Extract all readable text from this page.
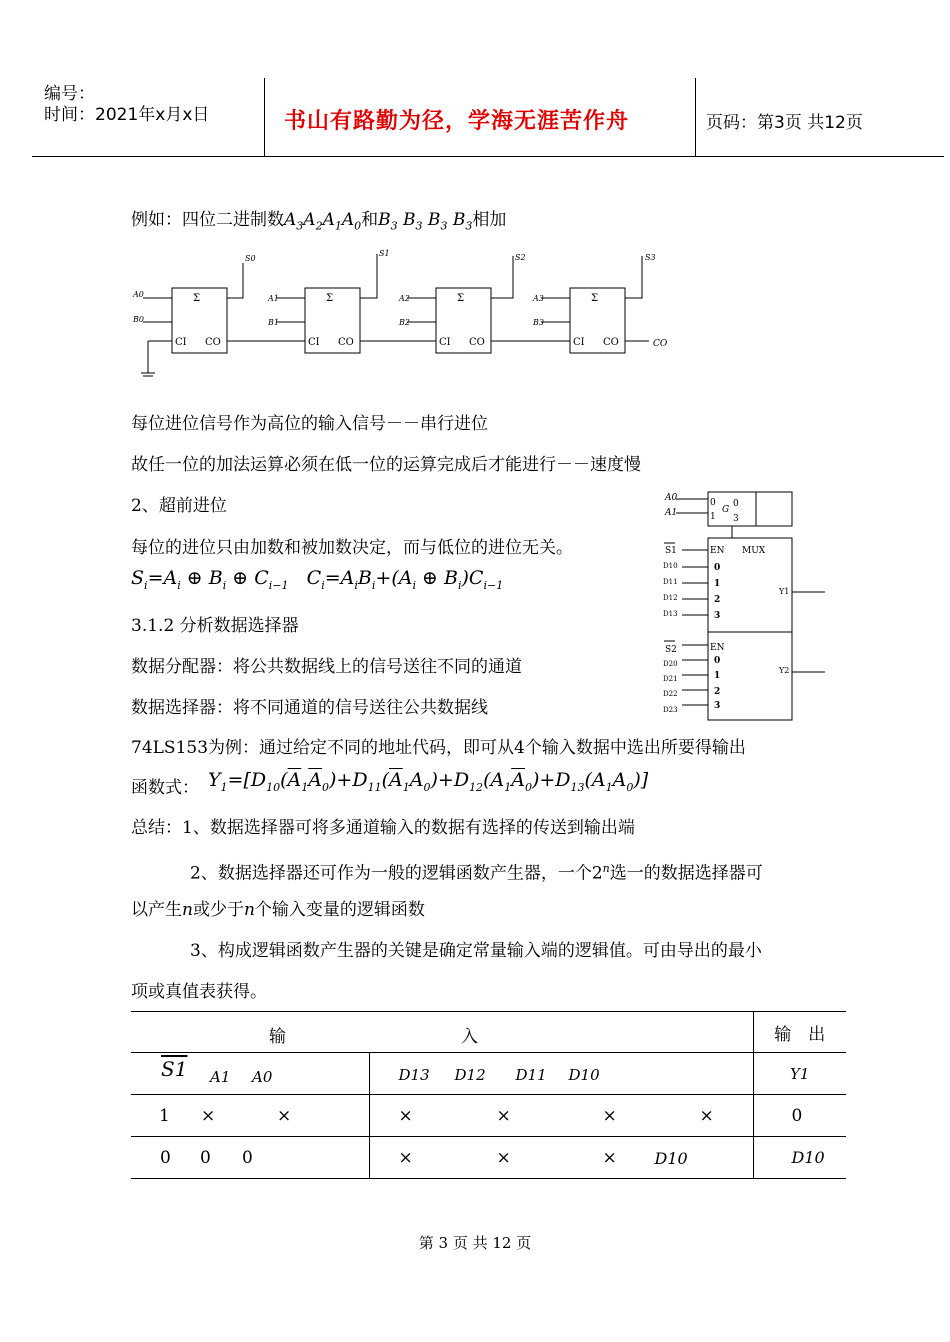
编号：
时间：2021年x月x日	书山有路勤为径，学海无涯苦作舟	页码：第3页 共12页
例如：四位二进制数$A_3A_2A_1A_0$和$B_3$ $B_3$ $B_3$ $B_3$相加
Σ	Σ	Σ	Σ
CI CO	CI CO	CI CO	CI CO	CO
A0
B0
A1
B1
A2
B2
A3
B3
S0
S1	S2	S3
每位进位信号作为高位的输入信号－－串行进位
故任一位的加法运算必须在低一位的运算完成后才能进行－－速度慢
2、超前进位
每位的进位只由加数和被加数决定，而与低位的进位无关。
$S_i=A_i$ ⊕ $B_i$ ⊕ $C_{i-1}$   $C_i=A_iB_i+(A_i$ ⊕ $B_i)C_{i-1}$
3.1.2 分析数据选择器
数据分配器：将公共数据线上的信号送往不同的通道
数据选择器：将不同通道的信号送往公共数据线
74LS153为例：通过给定不同的地址代码，即可从4个输入数据中选出所要得输出
函数式： $Y_1=[D_{10}(\overline{A}_1\overline{A}_0)+D_{11}(\overline{A}_1A_0)+D_{12}(A_1\overline{A}_0)+D_{13}(A_1A_0)]$
A0
A1
0
1
G
0
3
S1	EN MUX
D10
D11
D12
D13
0
1
2
3
Y1
S2	EN
D20
D21
D22
D23
0
1
2
3
Y2
总结：1、数据选择器可将多通道输入的数据有选择的传送到输出端
2、数据选择器还可作为一般的逻辑函数产生器，一个2$^n$选一的数据选择器可
以产生n或少于n个输入变量的逻辑函数
3、构成逻辑函数产生器的关键是确定常量输入端的逻辑值。可由导出的最小
项或真值表获得。
输 入		输　出

S1 A1 A0	D13 D12 D11 D10	Y1

1 × ×	× × × ×	0

0 0 0	× × × D10	D10
第 3 页 共 12 页
